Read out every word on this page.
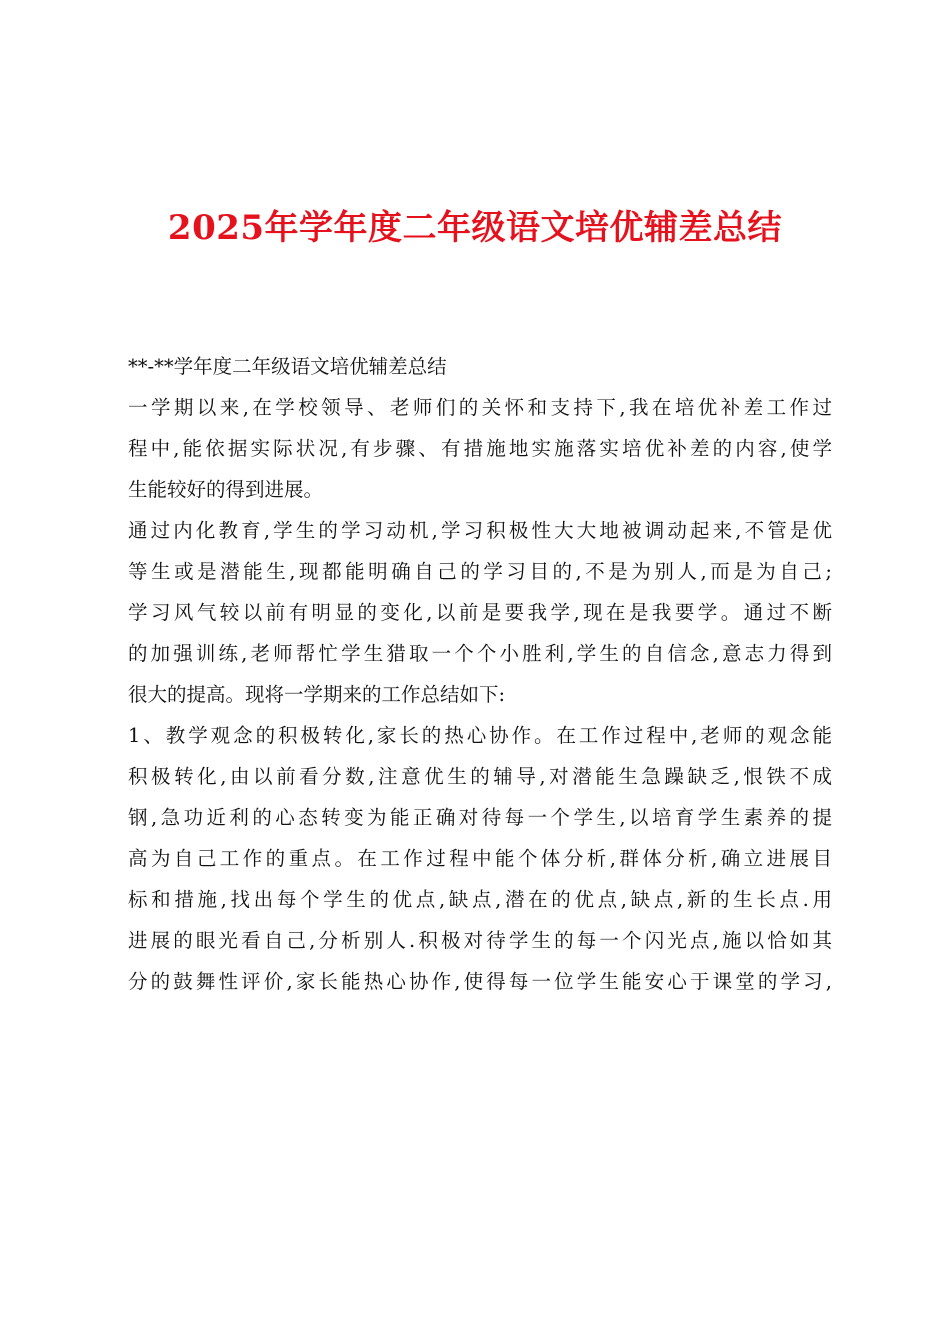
2025年学年度二年级语文培优辅差总结
**-**学年度二年级语文培优辅差总结
一学期以来,在学校领导、老师们的关怀和支持下,我在培优补差工作过
程中,能依据实际状况,有步骤、有措施地实施落实培优补差的内容,使学
生能较好的得到进展。
通过内化教育,学生的学习动机,学习积极性大大地被调动起来,不管是优
等生或是潜能生,现都能明确自己的学习目的,不是为别人,而是为自己;
学习风气较以前有明显的变化,以前是要我学,现在是我要学。通过不断
的加强训练,老师帮忙学生猎取一个个小胜利,学生的自信念,意志力得到
很大的提高。现将一学期来的工作总结如下:
1、教学观念的积极转化,家长的热心协作。在工作过程中,老师的观念能
积极转化,由以前看分数,注意优生的辅导,对潜能生急躁缺乏,恨铁不成
钢,急功近利的心态转变为能正确对待每一个学生,以培育学生素养的提
高为自己工作的重点。在工作过程中能个体分析,群体分析,确立进展目
标和措施,找出每个学生的优点,缺点,潜在的优点,缺点,新的生长点.用
进展的眼光看自己,分析别人.积极对待学生的每一个闪光点,施以恰如其
分的鼓舞性评价,家长能热心协作,使得每一位学生能安心于课堂的学习,
